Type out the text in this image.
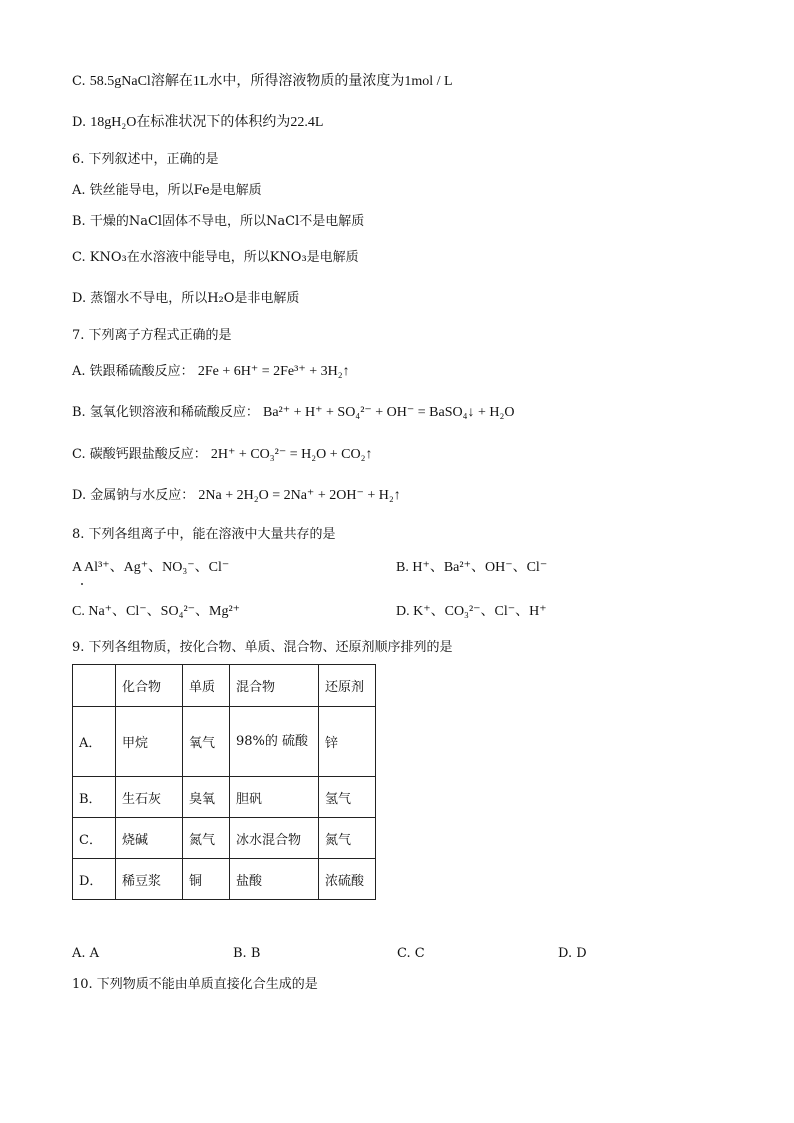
C. 58.5gNaCl溶解在1L水中，所得溶液物质的量浓度为1mol / L
D. 18gH₂O在标准状况下的体积约为22.4L
6. 下列叙述中，正确的是
A. 铁丝能导电，所以Fe是电解质
B. 干燥的NaCl固体不导电，所以NaCl不是电解质
C. KNO₃在水溶液中能导电，所以KNO₃是电解质
D. 蒸馏水不导电，所以H₂O是非电解质
7. 下列离子方程式正确的是
A. 铁跟稀硫酸反应： 2Fe + 6H⁺ = 2Fe³⁺ + 3H₂↑
B. 氢氧化钡溶液和稀硫酸反应： Ba²⁺ + H⁺ + SO₄²⁻ + OH⁻ = BaSO₄↓ + H₂O
C. 碳酸钙跟盐酸反应： 2H⁺ + CO₃²⁻ = H₂O + CO₂↑
D. 金属钠与水反应： 2Na + 2H₂O = 2Na⁺ + 2OH⁻ + H₂↑
8. 下列各组离子中，能在溶液中大量共存的是
A Al³⁺、Ag⁺、NO₃⁻、Cl⁻	B. H⁺、Ba²⁺、OH⁻、Cl⁻
C. Na⁺、Cl⁻、SO₄²⁻、Mg²⁺	D. K⁺、CO₃²⁻、Cl⁻、H⁺
9. 下列各组物质，按化合物、单质、混合物、还原剂顺序排列的是
	化合物	单质	混合物	还原剂
A．	甲烷	氧气	98%的 硫酸	锌
B．	生石灰	臭氧	胆矾	氢气
C．	烧碱	氮气	冰水混合物	氮气
D．	稀豆浆	铜	盐酸	浓硫酸
A. A	B. B	C. C	D. D
10. 下列物质不能由单质直接化合生成的是
